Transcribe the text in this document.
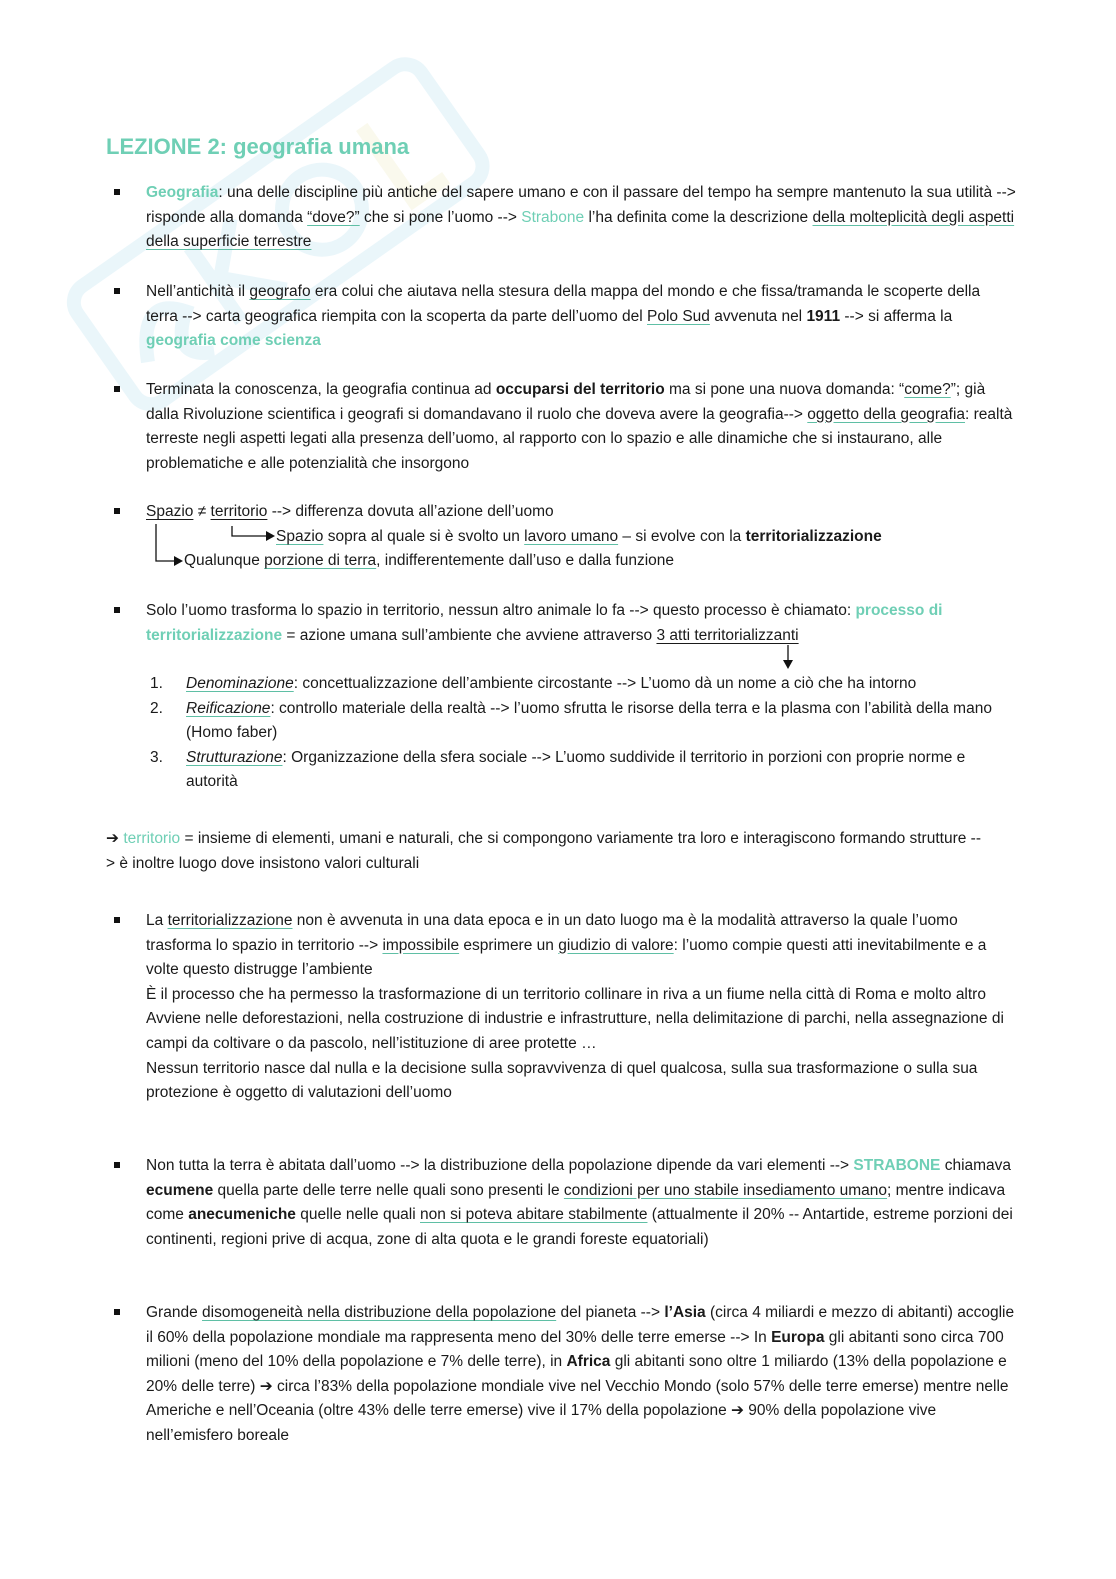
LEZIONE 2: geografia umana
Geografia: una delle discipline più antiche del sapere umano e con il passare del tempo ha sempre mantenuto la sua utilità --> risponde alla domanda “dove?” che si pone l’uomo --> Strabone l’ha definita come la descrizione della molteplicità degli aspetti della superficie terrestre
Nell’antichità il geografo era colui che aiutava nella stesura della mappa del mondo e che fissa/tramanda le scoperte della terra --> carta geografica riempita con la scoperta da parte dell’uomo del Polo Sud avvenuta nel 1911 --> si afferma la geografia come scienza
Terminata la conoscenza, la geografia continua ad occuparsi del territorio ma si pone una nuova domanda: “come?”; già dalla Rivoluzione scientifica i geografi si domandavano il ruolo che doveva avere la geografia--> oggetto della geografia: realtà terreste negli aspetti legati alla presenza dell’uomo, al rapporto con lo spazio e alle dinamiche che si instaurano, alle problematiche e alle potenzialità che insorgono
Spazio ≠ territorio --> differenza dovuta all’azione dell’uomo
Spazio sopra al quale si è svolto un lavoro umano – si evolve con la territorializzazione
Qualunque porzione di terra, indifferentemente dall’uso e dalla funzione
Solo l’uomo trasforma lo spazio in territorio, nessun altro animale lo fa --> questo processo è chiamato: processo di territorializzazione = azione umana sull’ambiente che avviene attraverso 3 atti territorializzanti
1. Denominazione: concettualizzazione dell’ambiente circostante --> L’uomo dà un nome a ciò che ha intorno
2. Reificazione: controllo materiale della realtà --> l’uomo sfrutta le risorse della terra e la plasma con l’abilità della mano (Homo faber)
3. Strutturazione: Organizzazione della sfera sociale --> L’uomo suddivide il territorio in porzioni con proprie norme e autorità
➔ territorio = insieme di elementi, umani e naturali, che si compongono variamente tra loro e interagiscono formando strutture --> è inoltre luogo dove insistono valori culturali
La territorializzazione non è avvenuta in una data epoca e in un dato luogo ma è la modalità attraverso la quale l’uomo trasforma lo spazio in territorio --> impossibile esprimere un giudizio di valore: l’uomo compie questi atti inevitabilmente e a volte questo distrugge l’ambiente
È il processo che ha permesso la trasformazione di un territorio collinare in riva a un fiume nella città di Roma e molto altro
Avviene nelle deforestazioni, nella costruzione di industrie e infrastrutture, nella delimitazione di parchi, nella assegnazione di campi da coltivare o da pascolo, nell’istituzione di aree protette …
Nessun territorio nasce dal nulla e la decisione sulla sopravvivenza di quel qualcosa, sulla sua trasformazione o sulla sua protezione è oggetto di valutazioni dell’uomo
Non tutta la terra è abitata dall’uomo --> la distribuzione della popolazione dipende da vari elementi --> STRABONE chiamava ecumene quella parte delle terre nelle quali sono presenti le condizioni per uno stabile insediamento umano; mentre indicava come anecumeniche quelle nelle quali non si poteva abitare stabilmente (attualmente il 20% -- Antartide, estreme porzioni dei continenti, regioni prive di acqua, zone di alta quota e le grandi foreste equatoriali)
Grande disomogeneità nella distribuzione della popolazione del pianeta --> l’Asia (circa 4 miliardi e mezzo di abitanti) accoglie il 60% della popolazione mondiale ma rappresenta meno del 30% delle terre emerse --> In Europa gli abitanti sono circa 700 milioni (meno del 10% della popolazione e 7% delle terre), in Africa gli abitanti sono oltre 1 miliardo (13% della popolazione e 20% delle terre) ➔ circa l’83% della popolazione mondiale vive nel Vecchio Mondo (solo 57% delle terre emerse) mentre nelle Americhe e nell’Oceania (oltre 43% delle terre emerse) vive il 17% della popolazione ➔ 90% della popolazione vive nell’emisfero boreale
